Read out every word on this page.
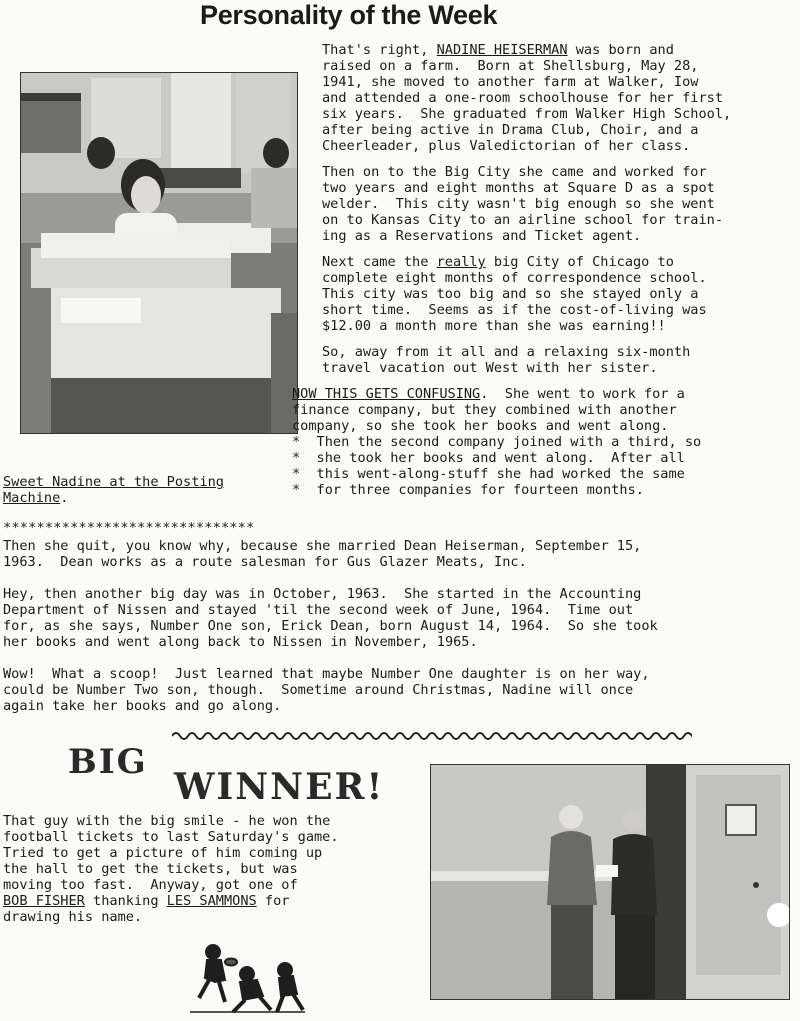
Personality of the Week
That's right, NADINE HEISERMAN was born and
raised on a farm.  Born at Shellsburg, May 28,
1941, she moved to another farm at Walker, Iow
and attended a one-room schoolhouse for her first
six years.  She graduated from Walker High School,
after being active in Drama Club, Choir, and a
Cheerleader, plus Valedictorian of her class.
Then on to the Big City she came and worked for
two years and eight months at Square D as a spot
welder.  This city wasn't big enough so she went
on to Kansas City to an airline school for train-
ing as a Reservations and Ticket agent.
Next came the really big City of Chicago to
complete eight months of correspondence school.
This city was too big and so she stayed only a
short time.  Seems as if the cost-of-living was
$12.00 a month more than she was earning!!
So, away from it all and a relaxing six-month
travel vacation out West with her sister.
NOW THIS GETS CONFUSING.  She went to work for a
finance company, but they combined with another
company, so she took her books and went along.
*  Then the second company joined with a third, so
*  she took her books and went along.  After all
*  this went-along-stuff she had worked the same
*  for three companies for fourteen months.
Sweet Nadine at the Posting
Machine.
******************************
Then she quit, you know why, because she married Dean Heiserman, September 15,
1963.  Dean works as a route salesman for Gus Glazer Meats, Inc.
Hey, then another big day was in October, 1963.  She started in the Accounting
Department of Nissen and stayed 'til the second week of June, 1964.  Time out
for, as she says, Number One son, Erick Dean, born August 14, 1964.  So she took
her books and went along back to Nissen in November, 1965.
Wow!  What a scoop!  Just learned that maybe Number One daughter is on her way,
could be Number Two son, though.  Sometime around Christmas, Nadine will once
again take her books and go along.
BIG
WINNER!
That guy with the big smile - he won the
football tickets to last Saturday's game.
Tried to get a picture of him coming up
the hall to get the tickets, but was
moving too fast.  Anyway, got one of
BOB FISHER thanking LES SAMMONS for
drawing his name.
